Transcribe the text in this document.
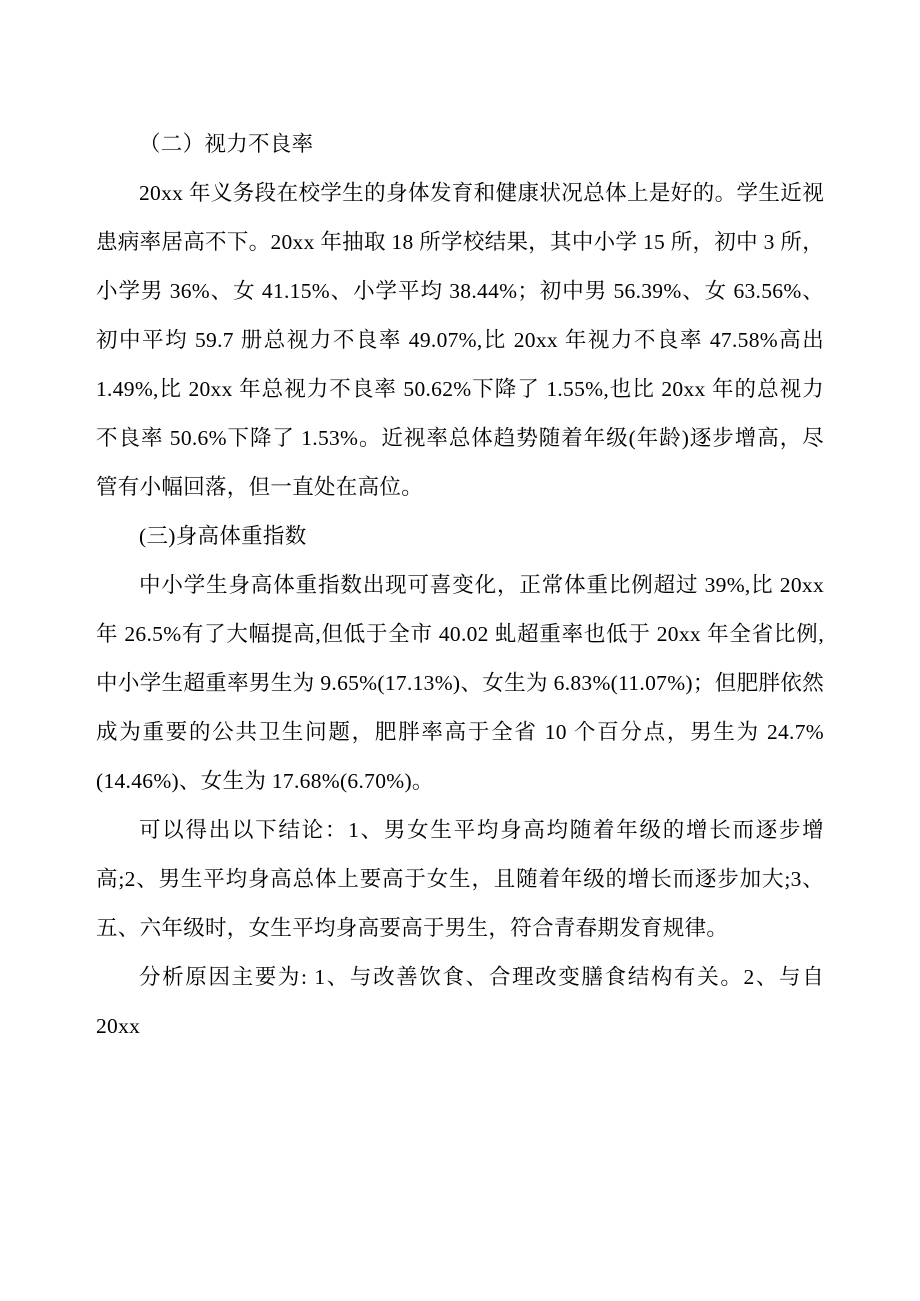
（二）视力不良率

20xx 年义务段在校学生的身体发育和健康状况总体上是好的。学生近视患病率居高不下。20xx 年抽取 18 所学校结果，其中小学 15 所，初中 3 所，小学男 36%、女 41.15%、小学平均 38.44%；初中男 56.39%、女 63.56%、初中平均 59.7 册总视力不良率 49.07%,比 20xx 年视力不良率 47.58%高出 1.49%,比 20xx 年总视力不良率 50.62%下降了 1.55%,也比 20xx 年的总视力不良率 50.6%下降了 1.53%。近视率总体趋势随着年级(年龄)逐步增高，尽管有小幅回落，但一直处在高位。

(三)身高体重指数

中小学生身高体重指数出现可喜变化，正常体重比例超过 39%,比 20xx 年 26.5%有了大幅提高,但低于全市 40.02 虬超重率也低于 20xx 年全省比例,中小学生超重率男生为 9.65%(17.13%)、女生为 6.83%(11.07%)；但肥胖依然成为重要的公共卫生问题，肥胖率高于全省 10 个百分点，男生为 24.7%(14.46%)、女生为 17.68%(6.70%)。

可以得出以下结论：1、男女生平均身高均随着年级的增长而逐步增高;2、男生平均身高总体上要高于女生，且随着年级的增长而逐步加大;3、五、六年级时，女生平均身高要高于男生，符合青春期发育规律。

分析原因主要为: 1、与改善饮食、合理改变膳食结构有关。2、与自 20xx
